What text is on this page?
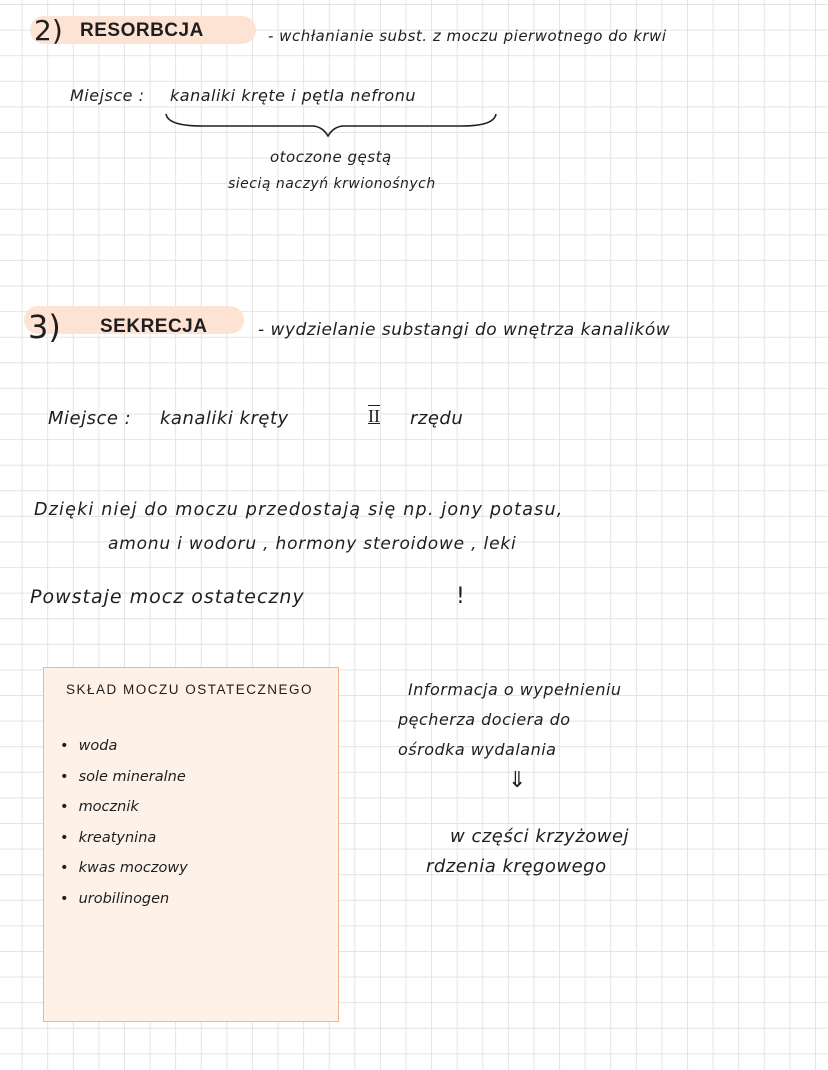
2) RESORBCJA	- wchłanianie subst. z moczu pierwotnego do krwi
Miejsce : kanaliki kręte i pętla nefronu
otoczone gęstą
siecią naczyń krwionośnych
3) SEKRECJA	- wydzielanie substangi do wnętrza kanalików
Miejsce : kanaliki kręty	II rzędu
Dzięki niej do moczu przedostają się np. jony potasu,
amonu i wodoru , hormony steroidowe , leki
Powstaje mocz ostateczny	!
SKŁAD MOCZU OSTATECZNEGO
• woda
• sole mineralne
• mocznik
• kreatynina
• kwas moczowy
• urobilinogen
Informacja o wypełnieniu
pęcherza dociera do
ośrodka wydalania
⇓
w części krzyżowej
rdzenia kręgowego
